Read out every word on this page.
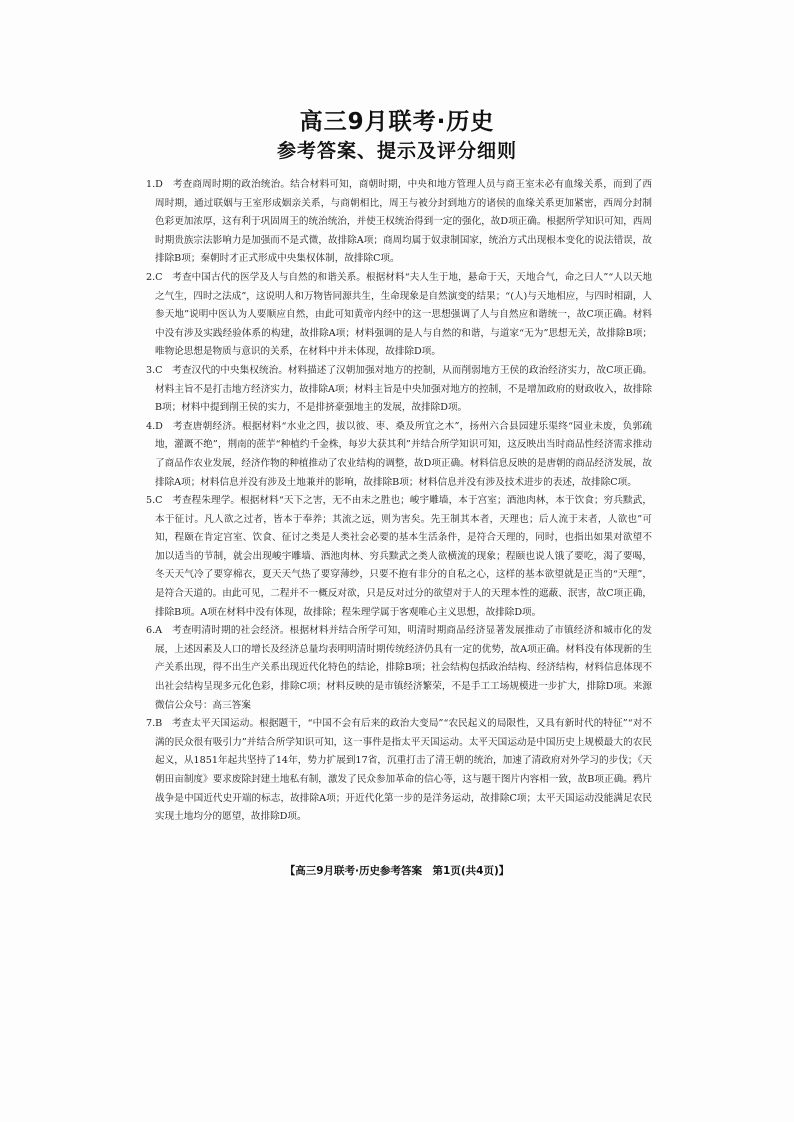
高三9月联考·历史
参考答案、提示及评分细则

1.D　考查商周时期的政治统治。结合材料可知，商朝时期，中央和地方管理人员与商王室未必有血缘关系，而到了西周时期，通过联姻与王室形成姻亲关系，与商朝相比，周王与被分封到地方的诸侯的血缘关系更加紧密，西周分封制色彩更加浓厚，这有利于巩固周王的统治统治，并使王权统治得到一定的强化，故D项正确。根据所学知识可知，西周时期贵族宗法影响力是加强而不是式微，故排除A项；商周均属于奴隶制国家，统治方式出现根本变化的说法错误，故排除B项；秦朝时才正式形成中央集权体制，故排除C项。

2.C　考查中国古代的医学及人与自然的和谐关系。根据材料“夫人生于地，悬命于天，天地合气，命之曰人”“人以天地之气生，四时之法成”，这说明人和万物皆同源共生，生命现象是自然演变的结果；“(人)与天地相应，与四时相副，人参天地”说明中医认为人要顺应自然，由此可知黄帝内经中的这一思想强调了人与自然应和谐统一，故C项正确。材料中没有涉及实践经验体系的构建，故排除A项；材料强调的是人与自然的和谐，与道家“无为”思想无关，故排除B项；唯物论思想是物质与意识的关系，在材料中并未体现，故排除D项。

3.C　考查汉代的中央集权统治。材料描述了汉朝加强对地方的控制，从而削弱地方王侯的政治经济实力，故C项正确。材料主旨不是打击地方经济实力，故排除A项；材料主旨是中央加强对地方的控制，不是增加政府的财政收入，故排除B项；材料中提到削王侯的实力，不是排挤豪强地主的发展，故排除D项。

4.D　考查唐朝经济。根据材料“水业之四，拔以彼、枣、桑及所宜之木”，扬州六合县园建乐渠终“园业未废，负郭疏地，灌溉不绝”，荆南的蔗芋“种植约千金株，每岁大获其利”并结合所学知识可知，这反映出当时商品性经济需求推动了商品作农业发展，经济作物的种植推动了农业结构的调整，故D项正确。材料信息反映的是唐朝的商品经济发展，故排除A项；材料信息并没有涉及土地兼并的影响，故排除B项；材料信息并没有涉及技术进步的表述，故排除C项。

5.C　考查程朱理学。根据材料“天下之害，无不由末之胜也；峻宇雕墙，本于宫室；酒池肉林，本于饮食；穷兵黩武，本于征讨。凡人欲之过者，皆本于奉养；其流之远，则为害矣。先王制其本者，天理也；后人流于末者，人欲也”可知，程颐在肯定宫室、饮食、征讨之类是人类社会必要的基本生活条件，是符合天理的，同时，也指出如果对欲望不加以适当的节制，就会出现峻宇雕墙、酒池肉林、穷兵黩武之类人欲横流的现象；程颐也说人饿了要吃，渴了要喝，冬天天气冷了要穿棉衣，夏天天气热了要穿薄纱，只要不抱有非分的自私之心，这样的基本欲望就是正当的“天理”，是符合天道的。由此可见，二程并不一概反对欲，只是反对过分的欲望对于人的天理本性的遮蔽、泯害，故C项正确，排除B项。A项在材料中没有体现，故排除；程朱理学属于客观唯心主义思想，故排除D项。

6.A　考查明清时期的社会经济。根据材料并结合所学可知，明清时期商品经济显著发展推动了市镇经济和城市化的发展，上述因素及人口的增长及经济总量均表明明清时期传统经济仍具有一定的优势，故A项正确。材料没有体现新的生产关系出现，得不出生产关系出现近代化特色的结论，排除B项；社会结构包括政治结构、经济结构，材料信息体现不出社会结构呈现多元化色彩，排除C项；材料反映的是市镇经济繁荣，不是手工工场规模进一步扩大，排除D项。来源微信公众号：高三答案

7.B　考查太平天国运动。根据题干，“中国不会有后来的政治大变局”“农民起义的局限性，又具有新时代的特征”“对不满的民众很有吸引力”并结合所学知识可知，这一事件是指太平天国运动。太平天国运动是中国历史上规模最大的农民起义，从1851年起共坚持了14年，势力扩展到17省，沉重打击了清王朝的统治，加速了清政府对外学习的步伐；《天朝田亩制度》要求废除封建土地私有制，激发了民众参加革命的信心等，这与题干图片内容相一致，故B项正确。鸦片战争是中国近代史开端的标志，故排除A项；开近代化第一步的是洋务运动，故排除C项；太平天国运动没能满足农民实现土地均分的愿望，故排除D项。

【高三9月联考·历史参考答案　第1页(共4页)】
